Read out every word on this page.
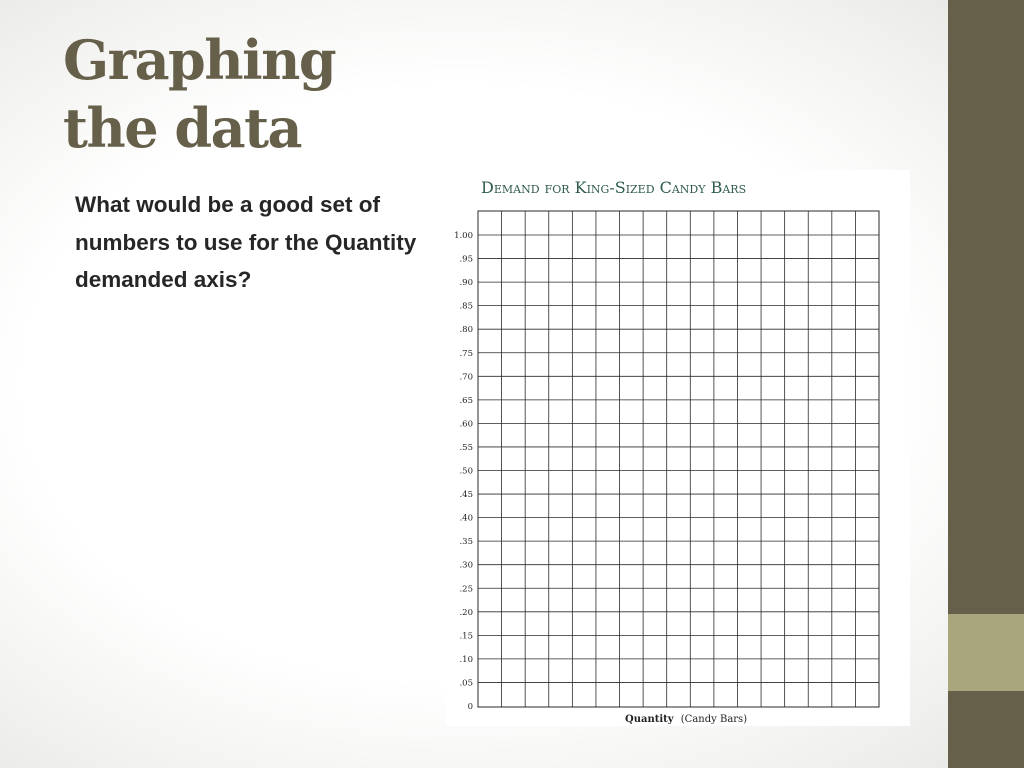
Graphing
the data
What would be a good set of numbers to use for the Quantity demanded axis?
Demand for King-Sized Candy Bars
0
.05
.10
.15
.20
.25
.30
.35
.40
.45
.50
.55
.60
.65
.70
.75
.80
.85
.90
.95
1.00
Quantity (Candy Bars)
